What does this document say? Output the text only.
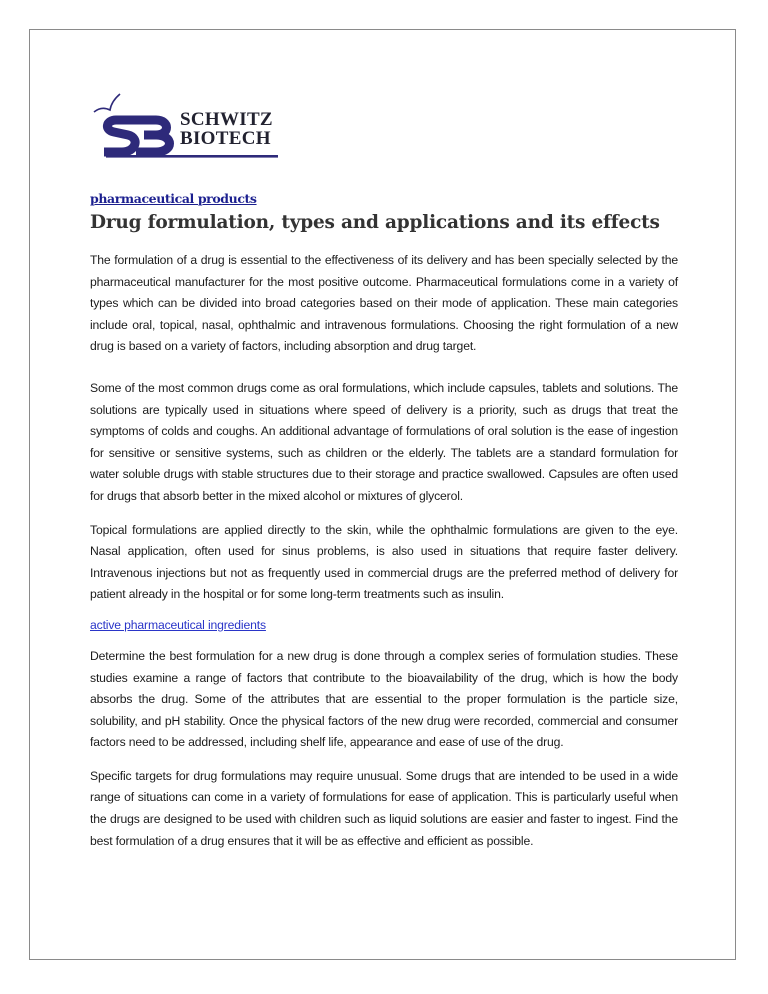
SCHWITZ
BIOTECH
pharmaceutical products
Drug formulation, types and applications and its effects

The formulation of a drug is essential to the effectiveness of its delivery and has been specially selected by the pharmaceutical manufacturer for the most positive outcome. Pharmaceutical formulations come in a variety of types which can be divided into broad categories based on their mode of application. These main categories include oral, topical, nasal, ophthalmic and intravenous formulations. Choosing the right formulation of a new drug is based on a variety of factors, including absorption and drug target.

Some of the most common drugs come as oral formulations, which include capsules, tablets and solutions. The solutions are typically used in situations where speed of delivery is a priority, such as drugs that treat the symptoms of colds and coughs. An additional advantage of formulations of oral solution is the ease of ingestion for sensitive or sensitive systems, such as children or the elderly. The tablets are a standard formulation for water soluble drugs with stable structures due to their storage and practice swallowed. Capsules are often used for drugs that absorb better in the mixed alcohol or mixtures of glycerol.

Topical formulations are applied directly to the skin, while the ophthalmic formulations are given to the eye. Nasal application, often used for sinus problems, is also used in situations that require faster delivery. Intravenous injections but not as frequently used in commercial drugs are the preferred method of delivery for patient already in the hospital or for some long-term treatments such as insulin.

active pharmaceutical ingredients

Determine the best formulation for a new drug is done through a complex series of formulation studies. These studies examine a range of factors that contribute to the bioavailability of the drug, which is how the body absorbs the drug. Some of the attributes that are essential to the proper formulation is the particle size, solubility, and pH stability. Once the physical factors of the new drug were recorded, commercial and consumer factors need to be addressed, including shelf life, appearance and ease of use of the drug.

Specific targets for drug formulations may require unusual. Some drugs that are intended to be used in a wide range of situations can come in a variety of formulations for ease of application. This is particularly useful when the drugs are designed to be used with children such as liquid solutions are easier and faster to ingest. Find the best formulation of a drug ensures that it will be as effective and efficient as possible.
